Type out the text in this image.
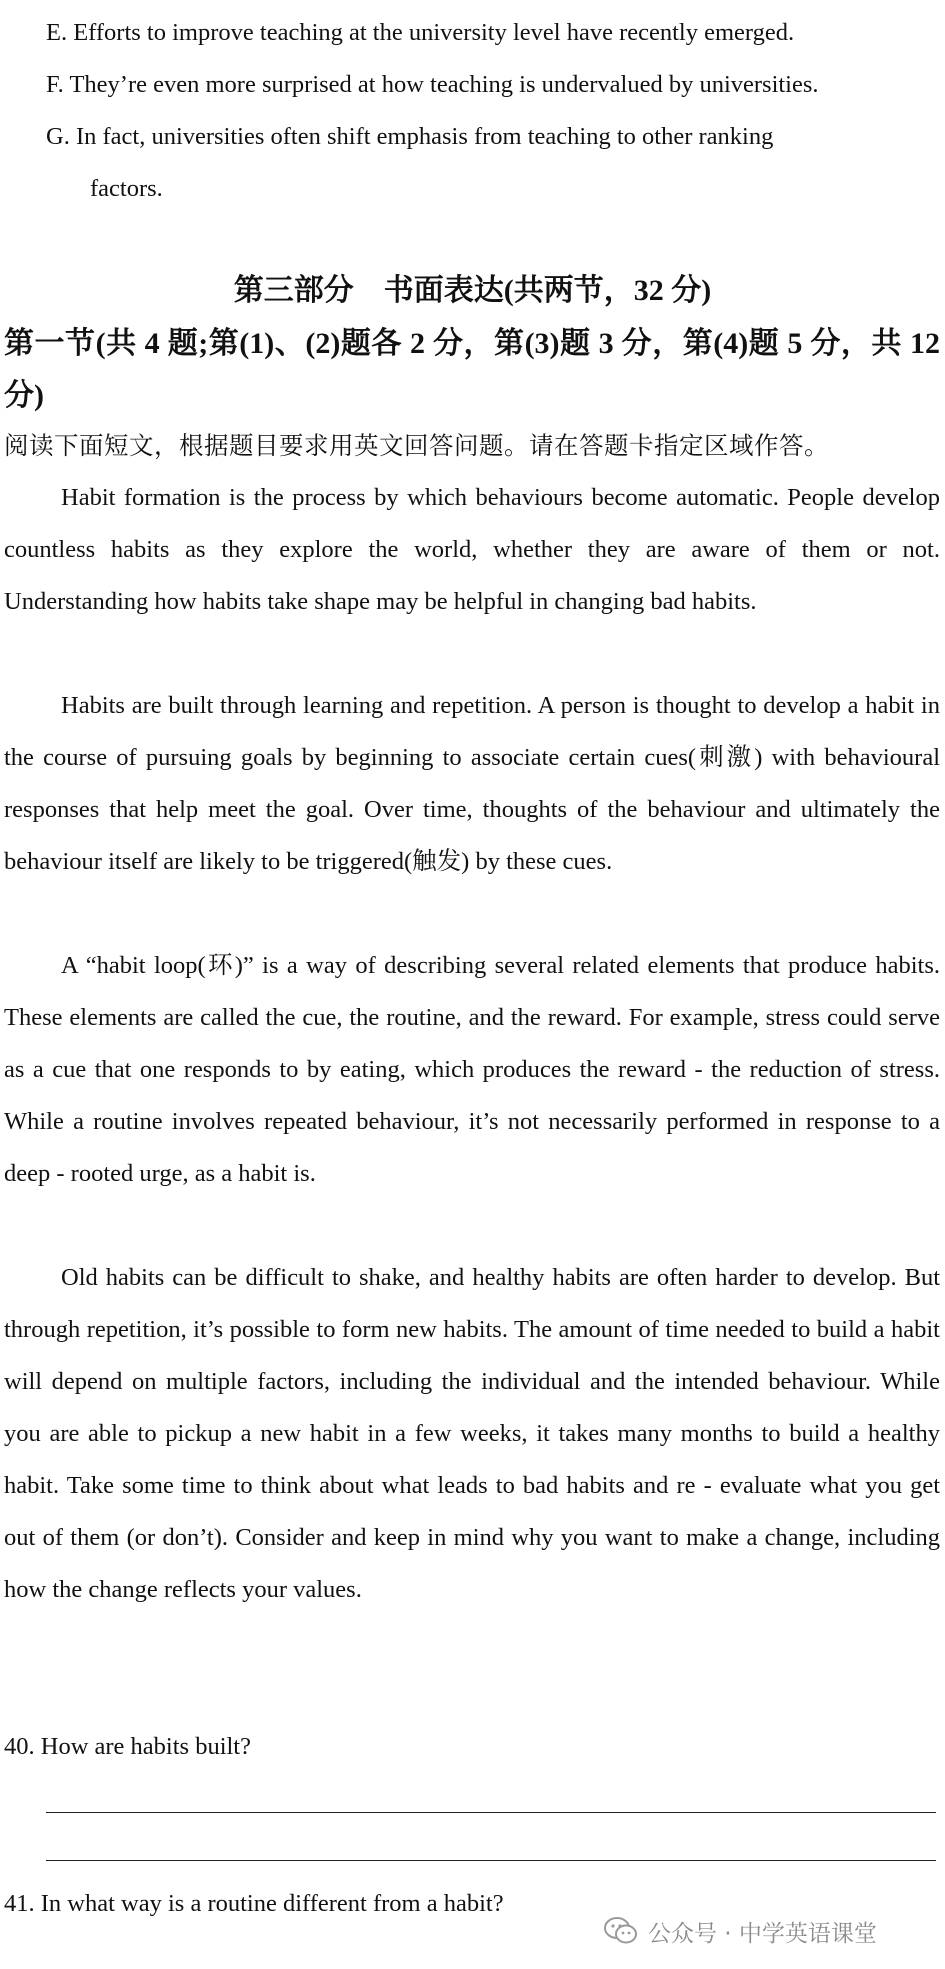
E. Efforts to improve teaching at the university level have recently emerged.
F. They’re even more surprised at how teaching is undervalued by universities.
G. In fact, universities often shift emphasis from teaching to other ranking
factors.
第三部分　书面表达(共两节，32 分)
第一节(共 4 题;第(1)、(2)题各 2 分，第(3)题 3 分，第(4)题 5 分，共 12 分)
阅读下面短文，根据题目要求用英文回答问题。请在答题卡指定区域作答。
Habit formation is the process by which behaviours become automatic. People develop countless habits as they explore the world, whether they are aware of them or not. Understanding how habits take shape may be helpful in changing bad habits.
Habits are built through learning and repetition. A person is thought to develop a habit in the course of pursuing goals by beginning to associate certain cues(刺激) with behavioural responses that help meet the goal. Over time, thoughts of the behaviour and ultimately the behaviour itself are likely to be triggered(触发) by these cues.
A “habit loop(环)” is a way of describing several related elements that produce habits. These elements are called the cue, the routine, and the reward. For example, stress could serve as a cue that one responds to by eating, which produces the reward - the reduction of stress. While a routine involves repeated behaviour, it’s not necessarily performed in response to a deep - rooted urge, as a habit is.
Old habits can be difficult to shake, and healthy habits are often harder to develop. But through repetition, it’s possible to form new habits. The amount of time needed to build a habit will depend on multiple factors, including the individual and the intended behaviour. While you are able to pickup a new habit in a few weeks, it takes many months to build a healthy habit. Take some time to think about what leads to bad habits and re - evaluate what you get out of them (or don’t). Consider and keep in mind why you want to make a change, including how the change reflects your values.
40. How are habits built?
41. In what way is a routine different from a habit?
公众号 · 中学英语课堂
